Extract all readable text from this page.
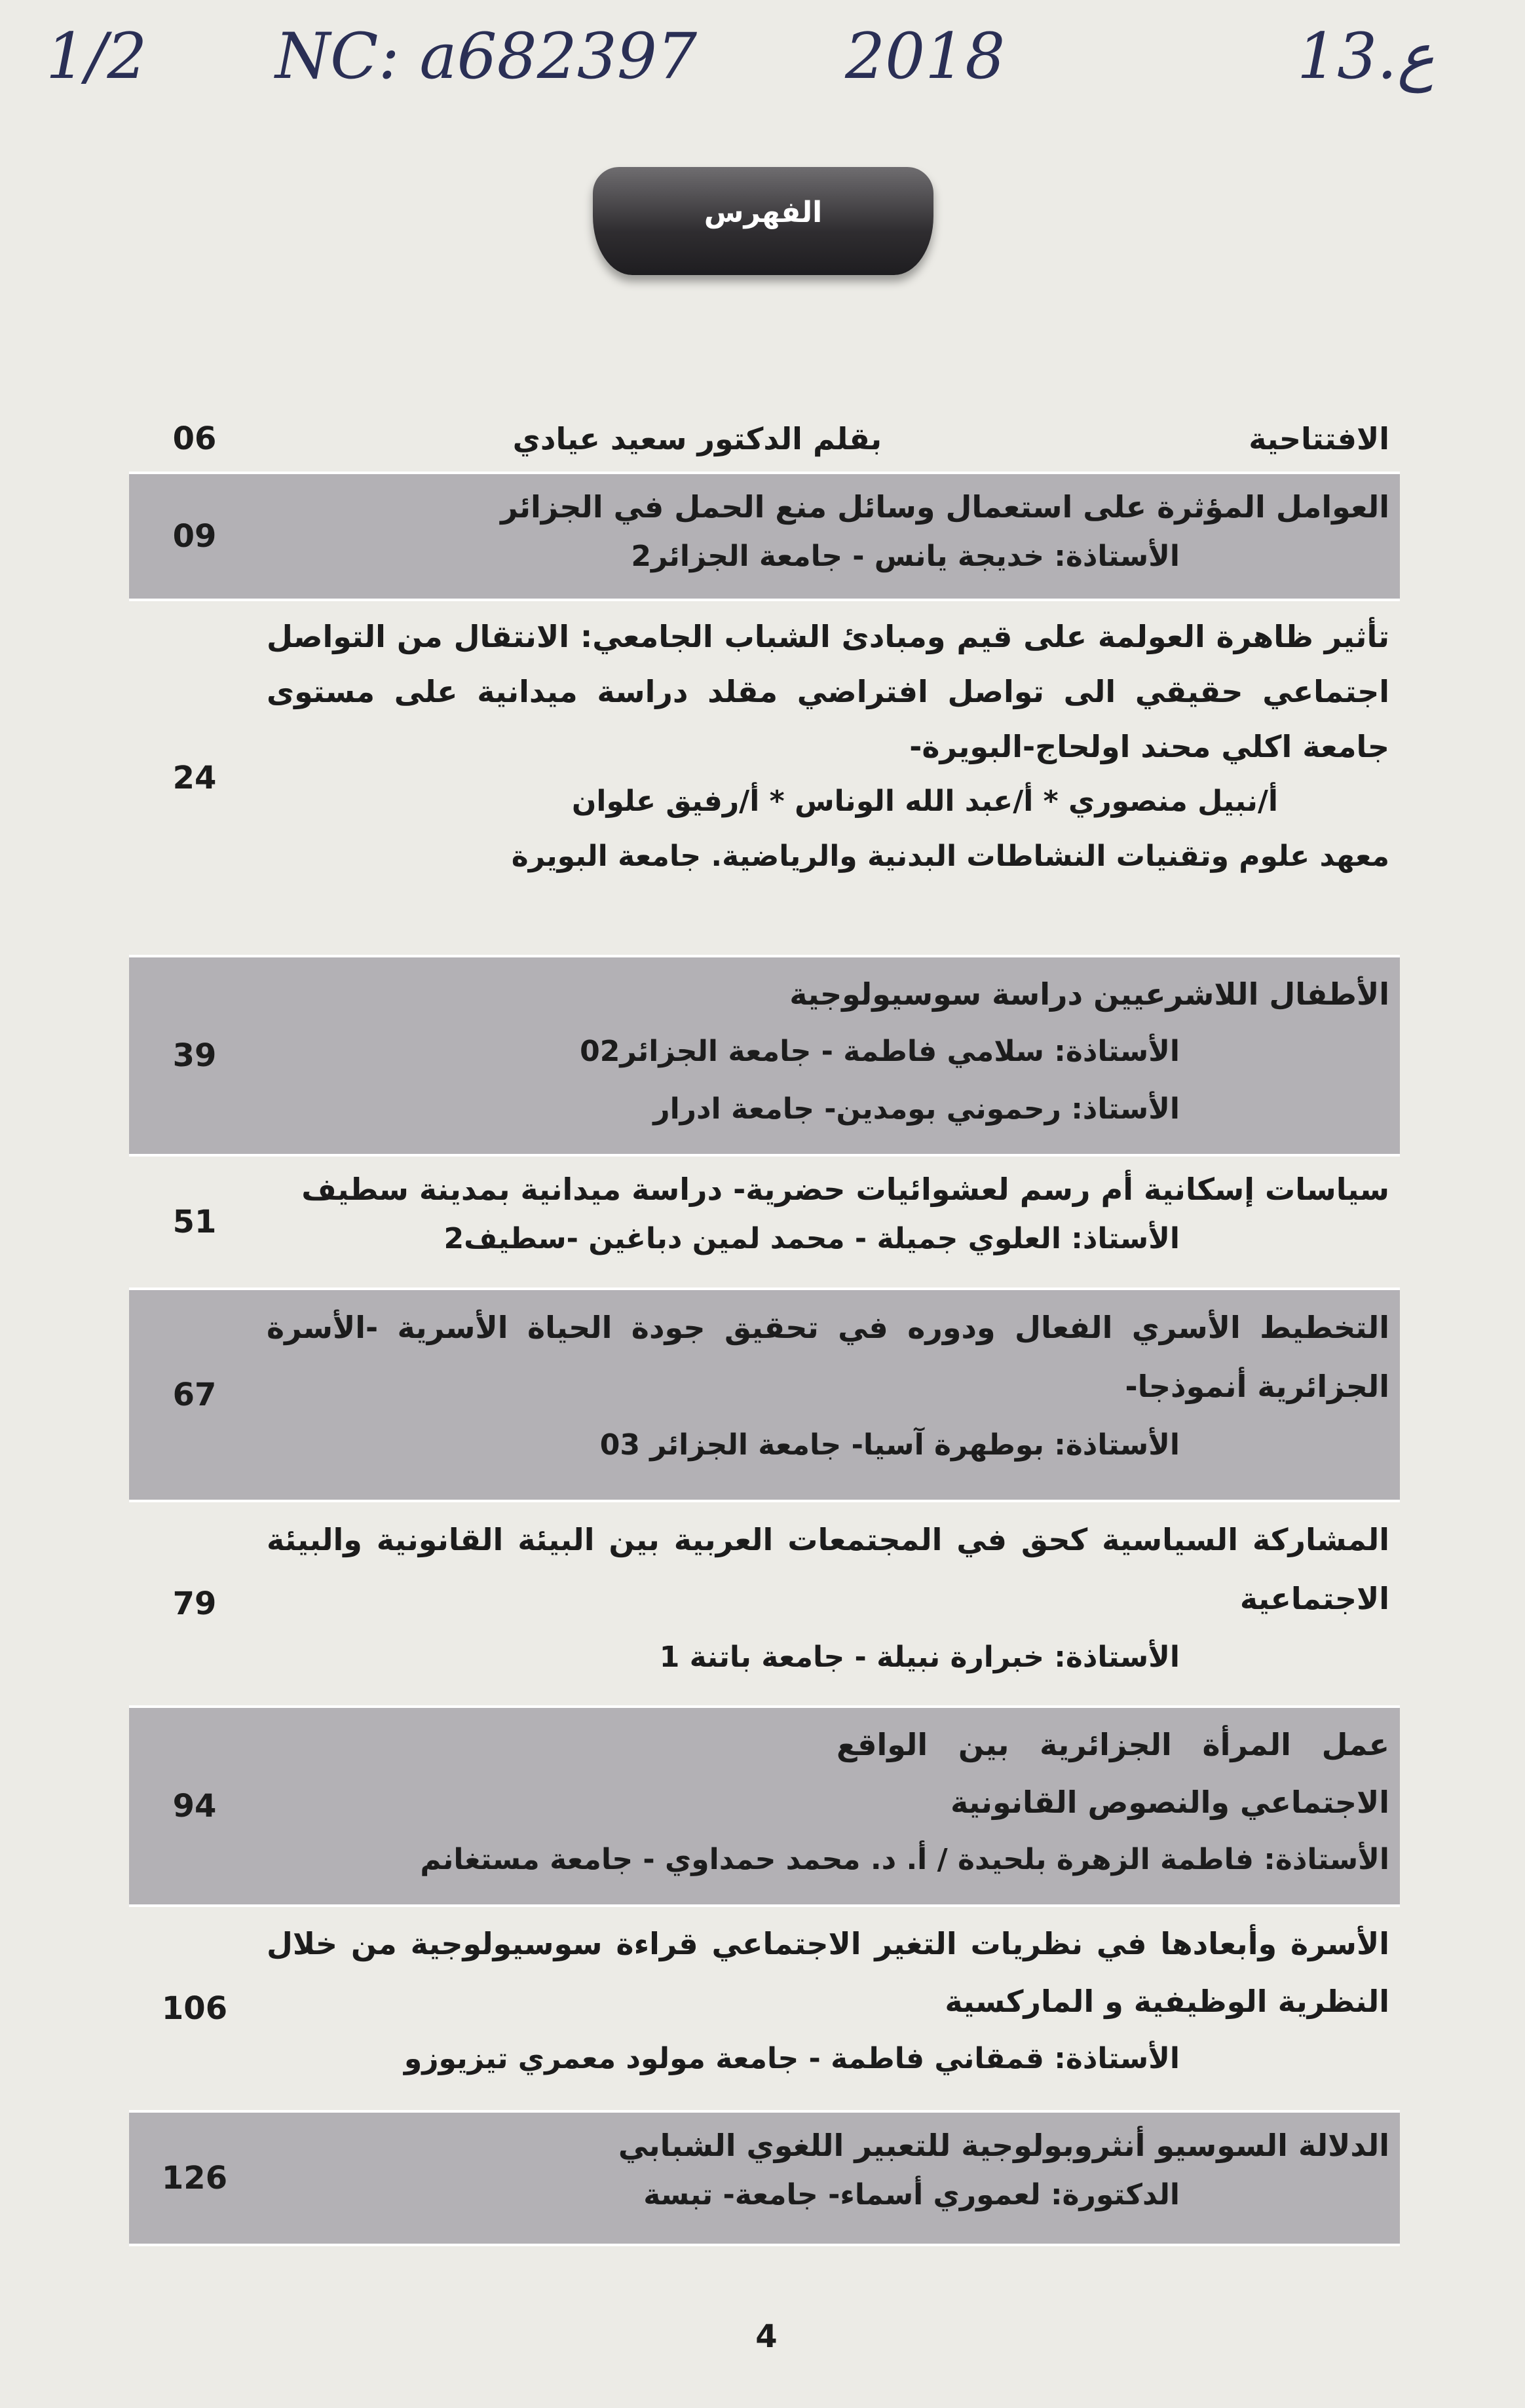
1/2 NC: a682397 2018	13.ع
الفهرس
06	الافتتاحية
بقلم الدكتور سعيد عيادي
09
العوامل المؤثرة على استعمال وسائل منع الحمل في الجزائر
الأستاذة: خديجة يانس - جامعة الجزائر2
24
تأثير ظاهرة العولمة على قيم ومبادئ الشباب الجامعي: الانتقال من التواصل اجتماعي حقيقي الى تواصل افتراضي مقلد دراسة ميدانية على مستوى جامعة اكلي محند اولحاج-البويرة-
أ/نبيل منصوري * أ/عبد الله الوناس * أ/رفيق علوان
معهد علوم وتقنيات النشاطات البدنية والرياضية. جامعة البويرة
39
الأطفال اللاشرعيين دراسة سوسيولوجية
الأستاذة: سلامي فاطمة - جامعة الجزائر02
الأستاذ: رحموني بومدين- جامعة ادرار
51
سياسات إسكانية أم رسم لعشوائيات حضرية- دراسة ميدانية بمدينة سطيف
الأستاذ: العلوي جميلة - محمد لمين دباغين -سطيف2
67
التخطيط الأسري الفعال ودوره في تحقيق جودة الحياة الأسرية -الأسرة الجزائرية أنموذجا-
الأستاذة: بوطهرة آسيا- جامعة الجزائر 03
79
المشاركة السياسية كحق في المجتمعات العربية بين البيئة القانونية والبيئة الاجتماعية
الأستاذة: خبرارة نبيلة - جامعة باتنة 1
94
عمل المرأة الجزائرية بين الواقع الاجتماعي والنصوص القانونية
الأستاذة: فاطمة الزهرة بلحيدة / أ. د. محمد حمداوي - جامعة مستغانم
106
الأسرة وأبعادها في نظريات التغير الاجتماعي قراءة سوسيولوجية من خلال النظرية الوظيفية و الماركسية
الأستاذة: قمقاني فاطمة - جامعة مولود معمري تيزيوزو
126
الدلالة السوسيو أنثروبولوجية للتعبير اللغوي الشبابي
الدكتورة: لعموري أسماء- جامعة- تبسة
4
